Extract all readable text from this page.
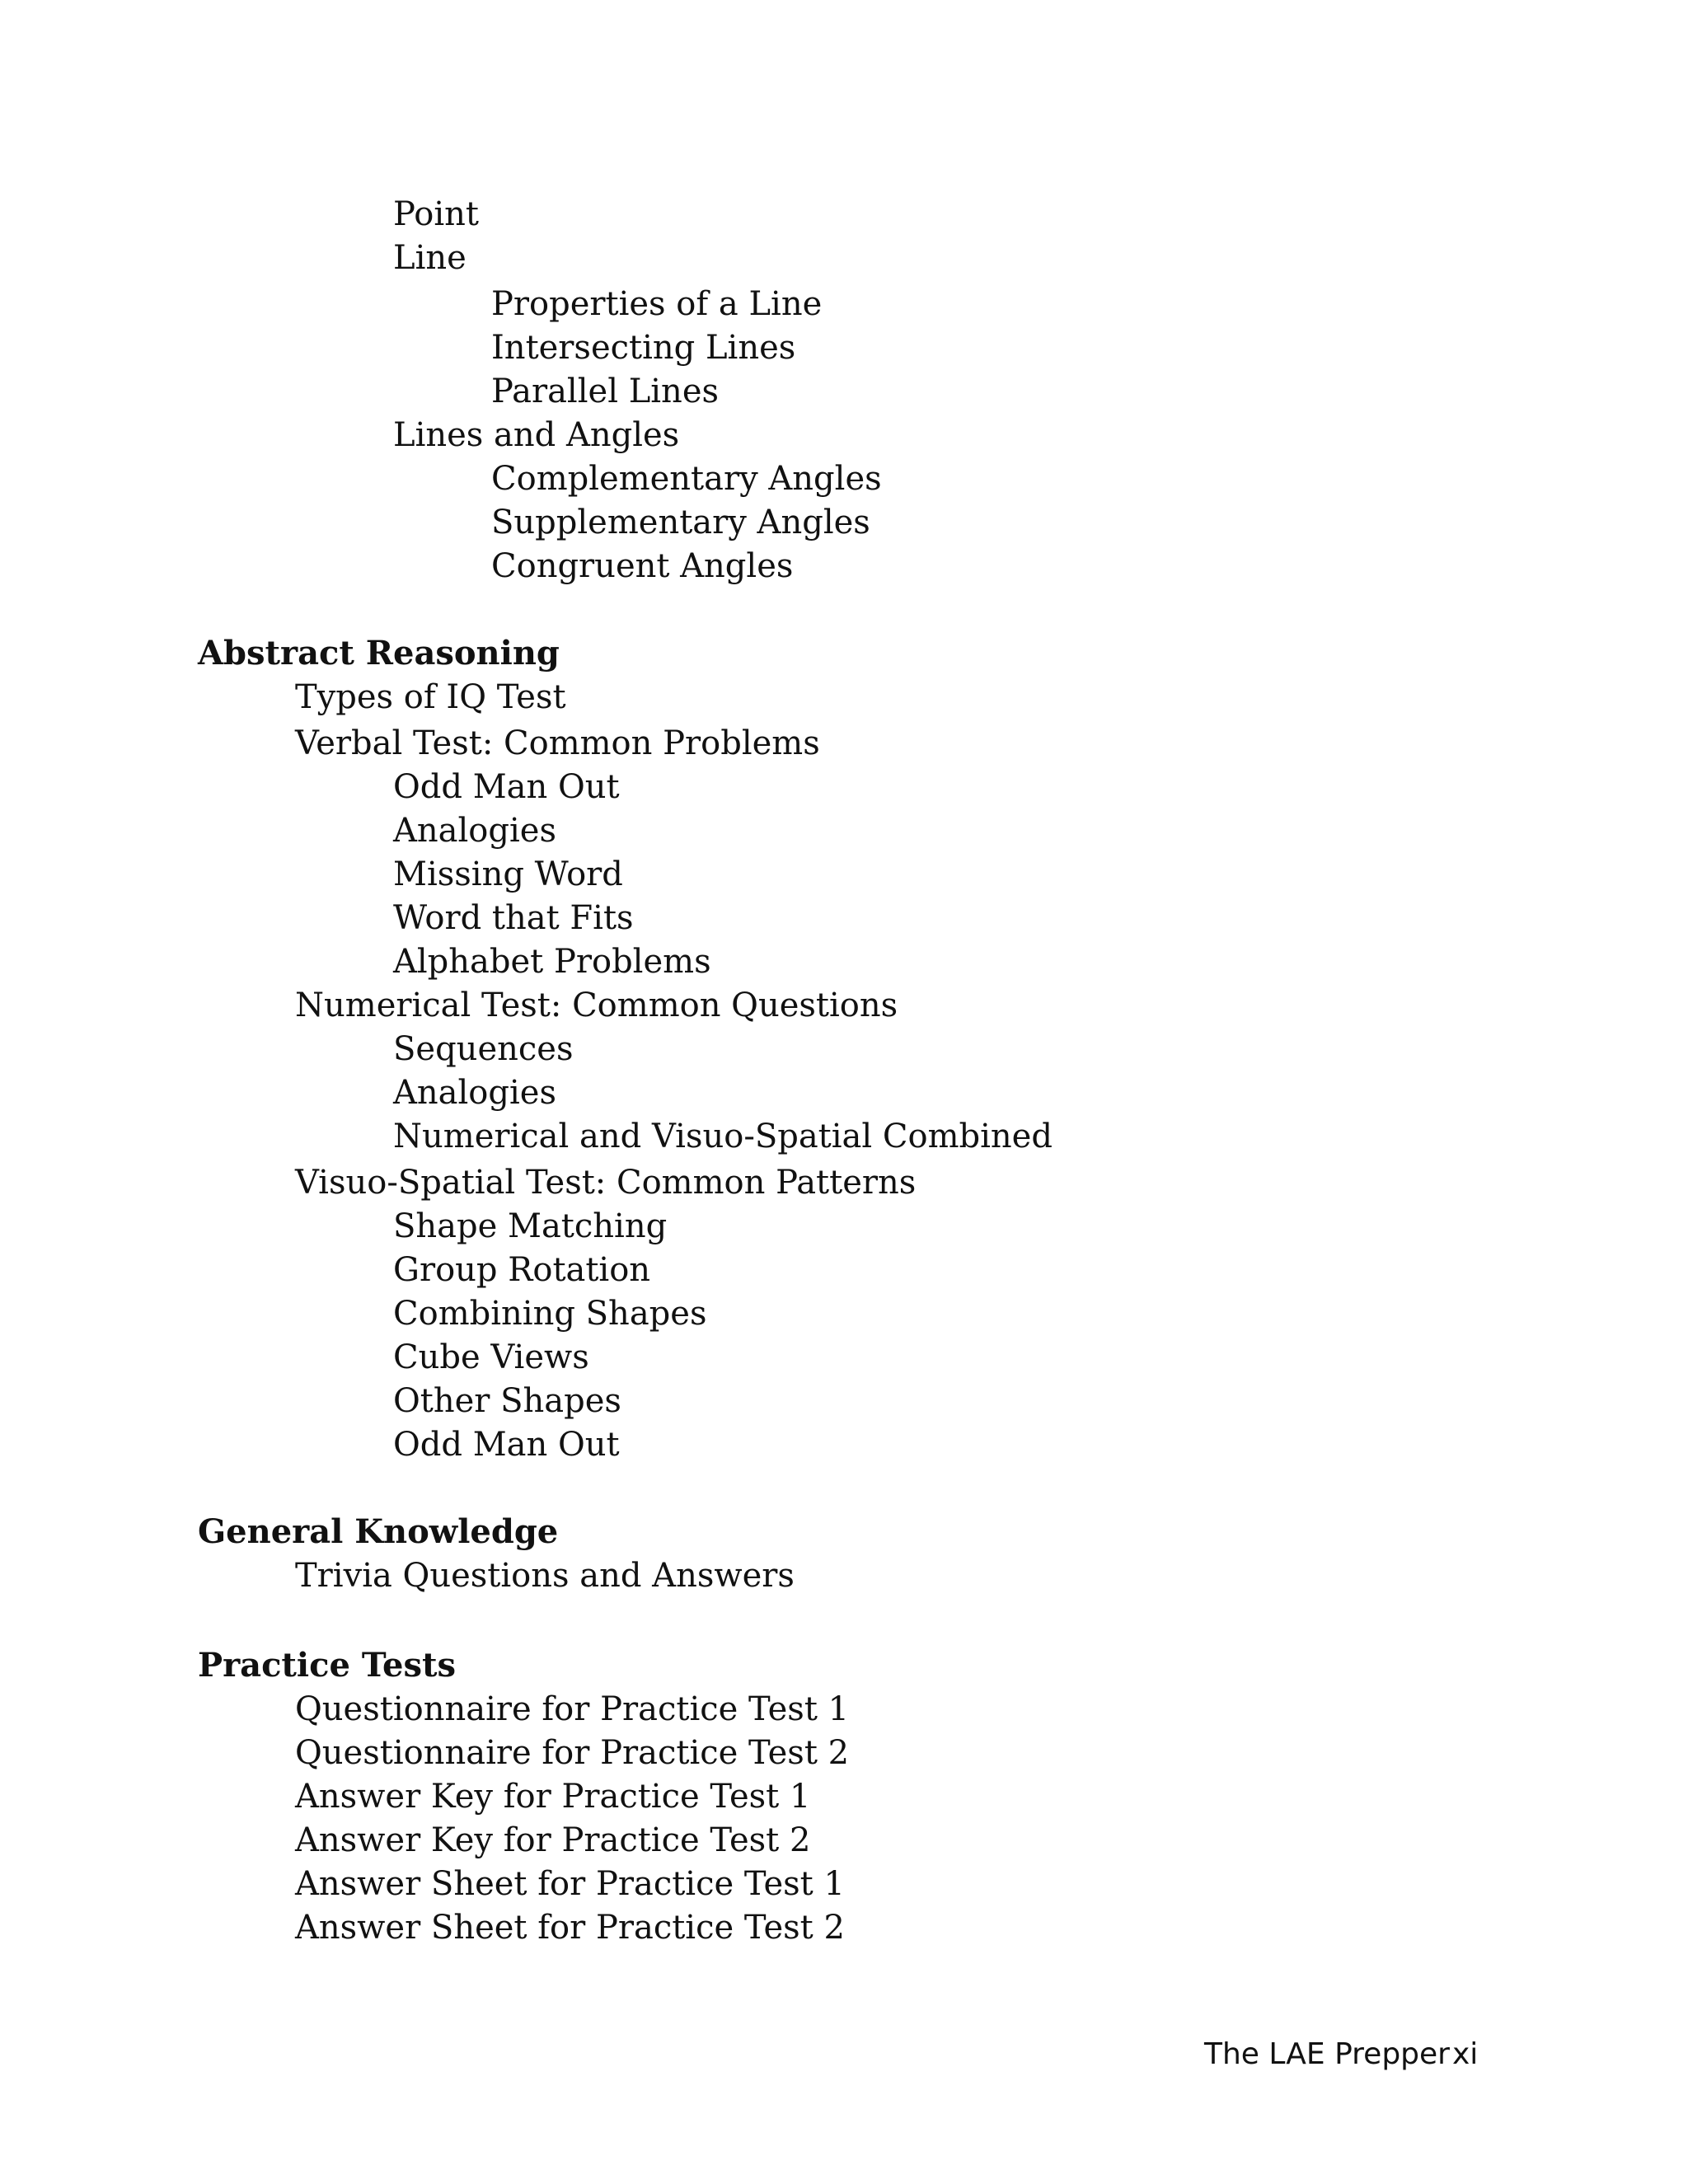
Point
Line
Properties of a Line
Intersecting Lines
Parallel Lines
Lines and Angles
Complementary Angles
Supplementary Angles
Congruent Angles
Abstract Reasoning
Types of IQ Test
Verbal Test: Common Problems
Odd Man Out
Analogies
Missing Word
Word that Fits
Alphabet Problems
Numerical Test: Common Questions
Sequences
Analogies
Numerical and Visuo-Spatial Combined
Visuo-Spatial Test: Common Patterns
Shape Matching
Group Rotation
Combining Shapes
Cube Views
Other Shapes
Odd Man Out
General Knowledge
Trivia Questions and Answers
Practice Tests
Questionnaire for Practice Test 1
Questionnaire for Practice Test 2
Answer Key for Practice Test 1
Answer Key for Practice Test 2
Answer Sheet for Practice Test 1
Answer Sheet for Practice Test 2
The LAE Prepper xi
